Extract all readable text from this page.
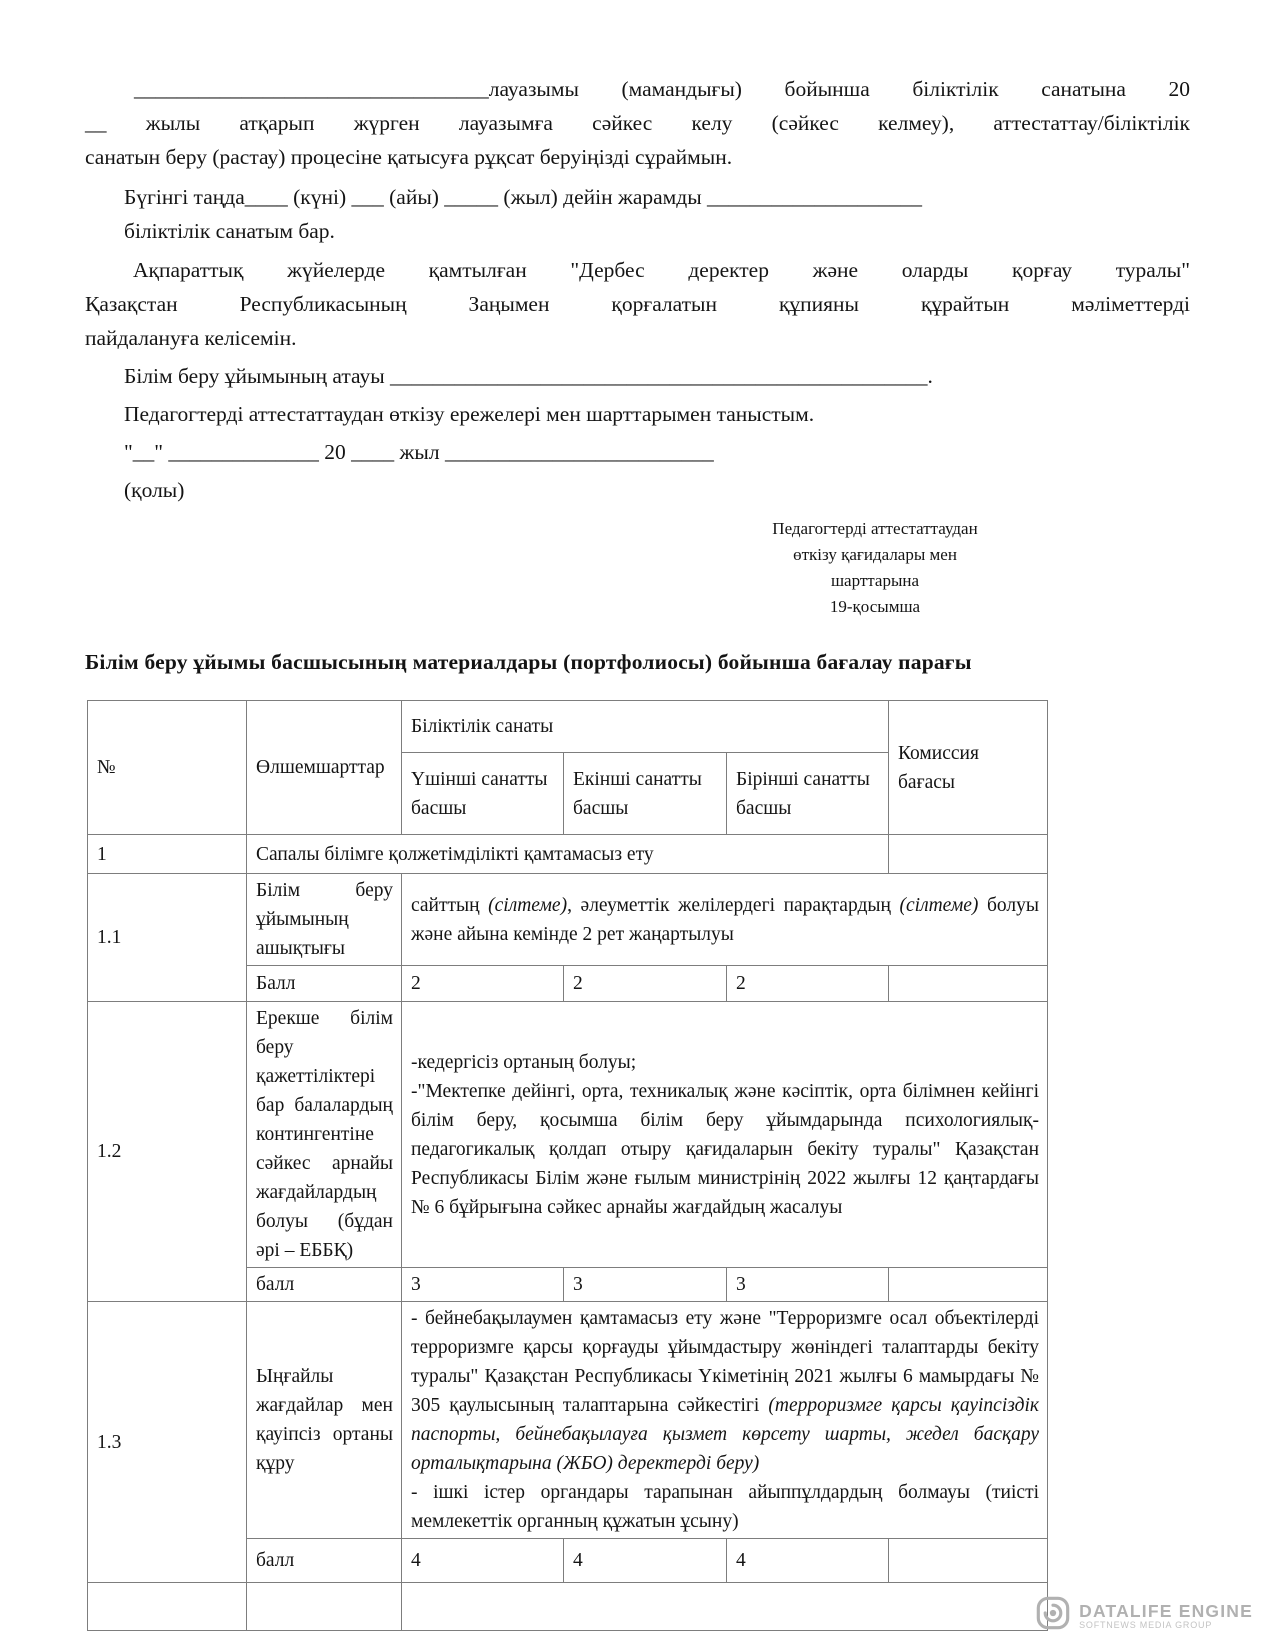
_________________________________лауазымы (мамандығы) бойынша біліктілік санатына 20
__ жылы атқарып жүрген лауазымға сәйкес келу (сәйкес келмеу), аттестаттау/біліктілік
санатын беру (растау) процесіне қатысуға рұқсат беруіңізді сұраймын.
Бүгінгі таңда____ (күні) ___ (айы) _____ (жыл) дейін жарамды ____________________
біліктілік санатым бар.
Ақпараттық жүйелерде қамтылған "Дербес деректер және оларды қорғау туралы"
Қазақстан Республикасының Заңымен қорғалатын құпияны құрайтын мәліметтерді
пайдалануға келісемін.
Білім беру ұйымының атауы __________________________________________________.
Педагогтерді аттестаттаудан өткізу ережелері мен шарттарымен таныстым.
"__" ______________ 20 ____ жыл _________________________
(қолы)
Педагогтерді аттестаттаудан
өткізу қағидалары мен
шарттарына
19-қосымша
Білім беру ұйымы басшысының материалдары (портфолиосы) бойынша бағалау парағы
№	Өлшемшарттар	Біліктілік санаты			Комиссия бағасы
		Үшінші санатты басшы	Екінші санатты басшы	Бірінші санатты басшы	
1	Сапалы білімге қолжетімділікті қамтамасыз ету				
1.1	Білім беру ұйымының ашықтығы	сайттың (сілтеме), әлеуметтік желілердегі парақтардың (сілтеме) болуы және айына кемінде 2 рет жаңартылуы			
	Балл	2	2	2	
1.2	Ерекше білім беру қажеттіліктері бар балалардың контингентіне сәйкес арнайы жағдайлардың болуы (бұдан әрі – ЕББҚ)	-кедергісіз ортаның болуы;
-"Мектепке дейінгі, орта, техникалық және кәсіптік, орта білімнен кейінгі білім беру, қосымша білім беру ұйымдарында психологиялық-педагогикалық қолдап отыру қағидаларын бекіту туралы" Қазақстан Республикасы Білім және ғылым министрінің 2022 жылғы 12 қаңтардағы № 6 бұйрығына сәйкес арнайы жағдайдың жасалуы			

	балл	3	3	3	
1.3	Ыңғайлы жағдайлар мен қауіпсіз ортаны құру	- бейнебақылаумен қамтамасыз ету және "Терроризмге осал объектілерді терроризмге қарсы қорғауды ұйымдастыру жөніндегі талаптарды бекіту туралы" Қазақстан Республикасы Үкіметінің 2021 жылғы 6 мамырдағы № 305 қаулысының талаптарына сәйкестігі (терроризмге қарсы қауіпсіздік паспорты, бейнебақылауға қызмет көрсету шарты, жедел басқару орталықтарына (ЖБО) деректерді беру)
- ішкі істер органдары тарапынан айыппұлдардың болмауы (тиісті мемлекеттік органның құжатын ұсыну)			

	балл	4	4	4	

DATALIFE ENGINE
SOFTNEWS MEDIA GROUP
